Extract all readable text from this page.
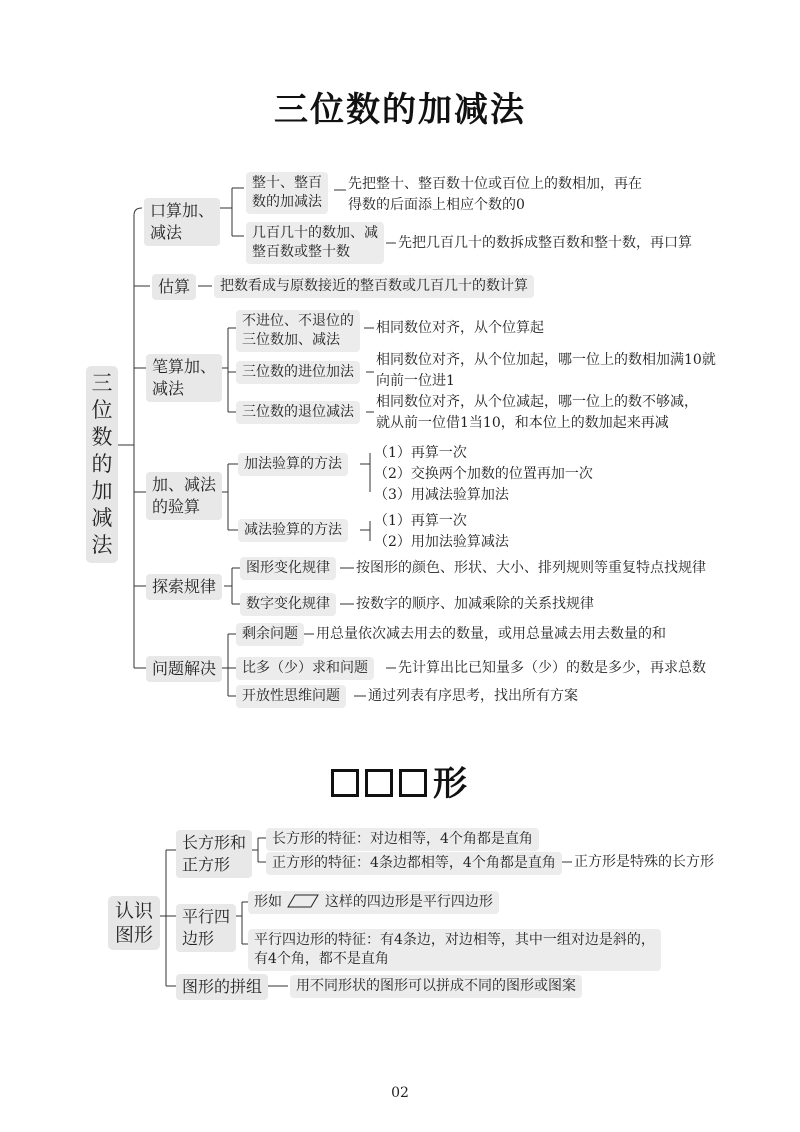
三位数的加减法
三
位
数
的
加
减
法
口算加、
减法
整十、整百
数的加减法
先把整十、整百数十位或百位上的数相加，再在
得数的后面添上相应个数的0
几百几十的数加、减
整百数或整十数
先把几百几十的数拆成整百数和整十数，再口算
估算	把数看成与原数接近的整百数或几百几十的数计算
笔算加、
减法
不进位、不退位的
三位数加、减法
相同数位对齐，从个位算起
三位数的进位加法
相同数位对齐，从个位加起，哪一位上的数相加满10就
向前一位进1
三位数的退位减法
相同数位对齐，从个位减起，哪一位上的数不够减，
就从前一位借1当10，和本位上的数加起来再减
加、减法
的验算
加法验算的方法
（1）再算一次
（2）交换两个加数的位置再加一次
（3）用减法验算加法
减法验算的方法
（1）再算一次
（2）用加法验算减法
探索规律
图形变化规律	按图形的颜色、形状、大小、排列规则等重复特点找规律
数字变化规律	按数字的顺序、加减乘除的关系找规律
问题解决
剩余问题	用总量依次减去用去的数量，或用总量减去用去数量的和
比多（少）求和问题	先计算出比已知量多（少）的数是多少，再求总数
开放性思维问题	通过列表有序思考，找出所有方案
形
认识
图形
长方形和
正方形
长方形的特征：对边相等，4个角都是直角
正方形的特征：4条边都相等，4个角都是直角	正方形是特殊的长方形
平行四
边形
形如	这样的四边形是平行四边形
平行四边形的特征：有4条边，对边相等，其中一组对边是斜的，
有4个角，都不是直角
图形的拼组	用不同形状的图形可以拼成不同的图形或图案
02
